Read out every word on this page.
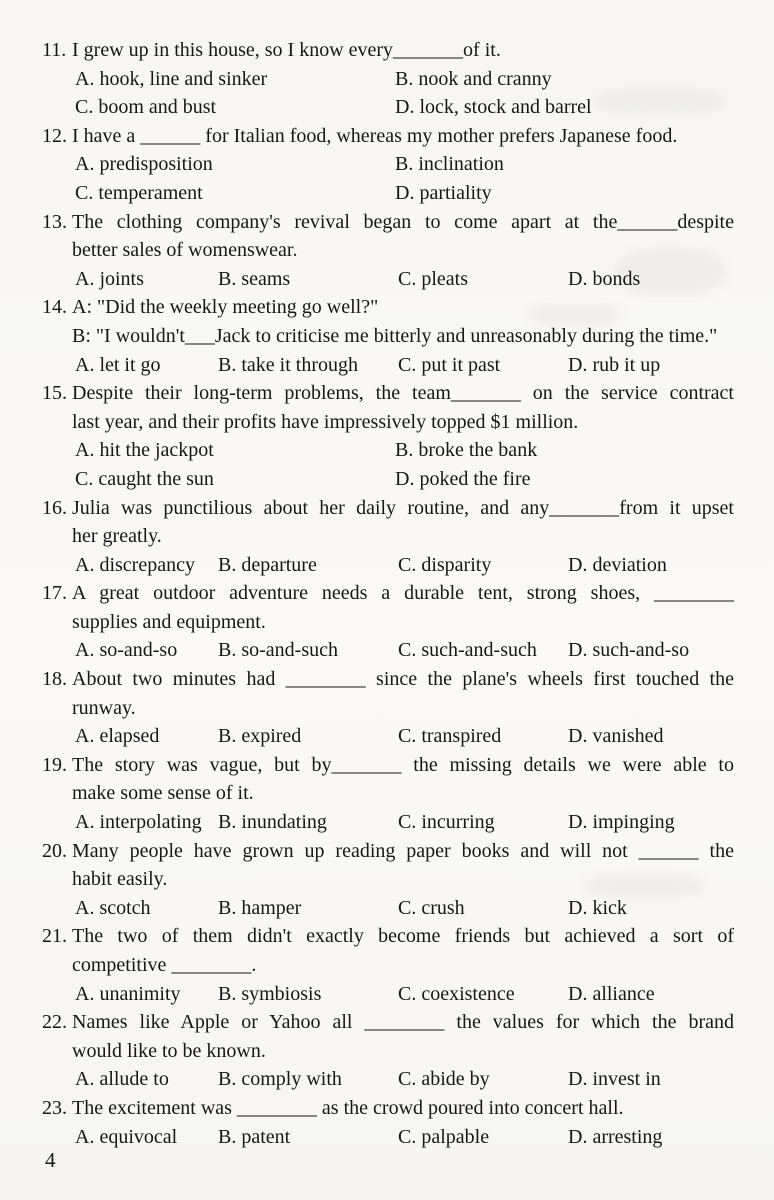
11. I grew up in this house, so I know every_______of it.
A. hook, line and sinker	B. nook and cranny
C. boom and bust	D. lock, stock and barrel
12. I have a ______ for Italian food, whereas my mother prefers Japanese food.
A. predisposition	B. inclination
C. temperament	D. partiality
13. The clothing company's revival began to come apart at the______despite
better sales of womenswear.
A. joints	B. seams	C. pleats	D. bonds
14. A: "Did the weekly meeting go well?"
B: "I wouldn't___Jack to criticise me bitterly and unreasonably during the time."
A. let it go	B. take it through	C. put it past	D. rub it up
15. Despite their long-term problems, the team_______ on the service contract
last year, and their profits have impressively topped $1 million.
A. hit the jackpot	B. broke the bank
C. caught the sun	D. poked the fire
16. Julia was punctilious about her daily routine, and any_______from it upset
her greatly.
A. discrepancy	B. departure	C. disparity	D. deviation
17. A great outdoor adventure needs a durable tent, strong shoes, ________
supplies and equipment.
A. so-and-so	B. so-and-such	C. such-and-such	D. such-and-so
18. About two minutes had ________ since the plane's wheels first touched the
runway.
A. elapsed	B. expired	C. transpired	D. vanished
19. The story was vague, but by_______ the missing details we were able to
make some sense of it.
A. interpolating B. inundating	C. incurring	D. impinging
20. Many people have grown up reading paper books and will not ______ the
habit easily.
A. scotch	B. hamper	C. crush	D. kick
21. The two of them didn't exactly become friends but achieved a sort of
competitive ________.
A. unanimity	B. symbiosis	C. coexistence	D. alliance
22. Names like Apple or Yahoo all ________ the values for which the brand
would like to be known.
A. allude to	B. comply with	C. abide by	D. invest in
23. The excitement was ________ as the crowd poured into concert hall.
A. equivocal	B. patent	C. palpable	D. arresting
4
